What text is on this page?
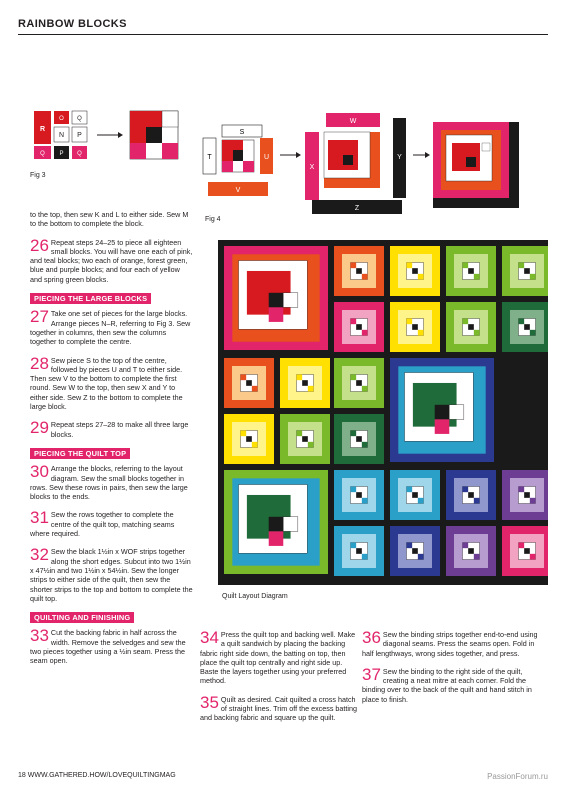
RAINBOW BLOCKS
R
Q
O
N
P
Q
P
Q
Fig 3
S
T	U
V
W
X
Y
Z
Fig 4
Quilt Layout Diagram
to the top, then sew K and L to either side. Sew M to the bottom to complete the block.
26 Repeat steps 24–25 to piece all eighteen small blocks. You will have one each of pink, and teal blocks; two each of orange, forest green, blue and purple blocks; and four each of yellow and spring green blocks.
PIECING THE LARGE BLOCKS
27 Take one set of pieces for the large blocks. Arrange pieces N–R, referring to Fig 3. Sew together in columns, then sew the columns together to complete the centre.
28 Sew piece S to the top of the centre, followed by pieces U and T to either side. Then sew V to the bottom to complete the first round. Sew W to the top, then sew X and Y to either side. Sew Z to the bottom to complete the large block.
29 Repeat steps 27–28 to make all three large blocks.
PIECING THE QUILT TOP
30 Arrange the blocks, referring to the layout diagram. Sew the small blocks together in rows. Sew these rows in pairs, then sew the large blocks to the ends.
31 Sew the rows together to complete the centre of the quilt top, matching seams where required.
32 Sew the black 1½in x WOF strips together along the short edges. Subcut into two 1½in x 47½in and two 1½in x 54½in. Sew the longer strips to either side of the quilt, then sew the shorter strips to the top and bottom to complete the quilt top.
QUILTING AND FINISHING
33 Cut the backing fabric in half across the width. Remove the selvedges and sew the two pieces together using a ½in seam. Press the seam open.
34 Press the quilt top and backing well. Make a quilt sandwich by placing the backing fabric right side down, the batting on top, then place the quilt top centrally and right side up. Baste the layers together using your preferred method.
35 Quilt as desired. Cait quilted a cross hatch of straight lines. Trim off the excess batting and backing fabric and square up the quilt.
36 Sew the binding strips together end-to-end using diagonal seams. Press the seams open. Fold in half lengthways, wrong sides together, and press.
37 Sew the binding to the right side of the quilt, creating a neat mitre at each corner. Fold the binding over to the back of the quilt and hand stitch in place to finish.
18 WWW.GATHERED.HOW/LOVEQUILTINGMAG	PassionForum.ru
